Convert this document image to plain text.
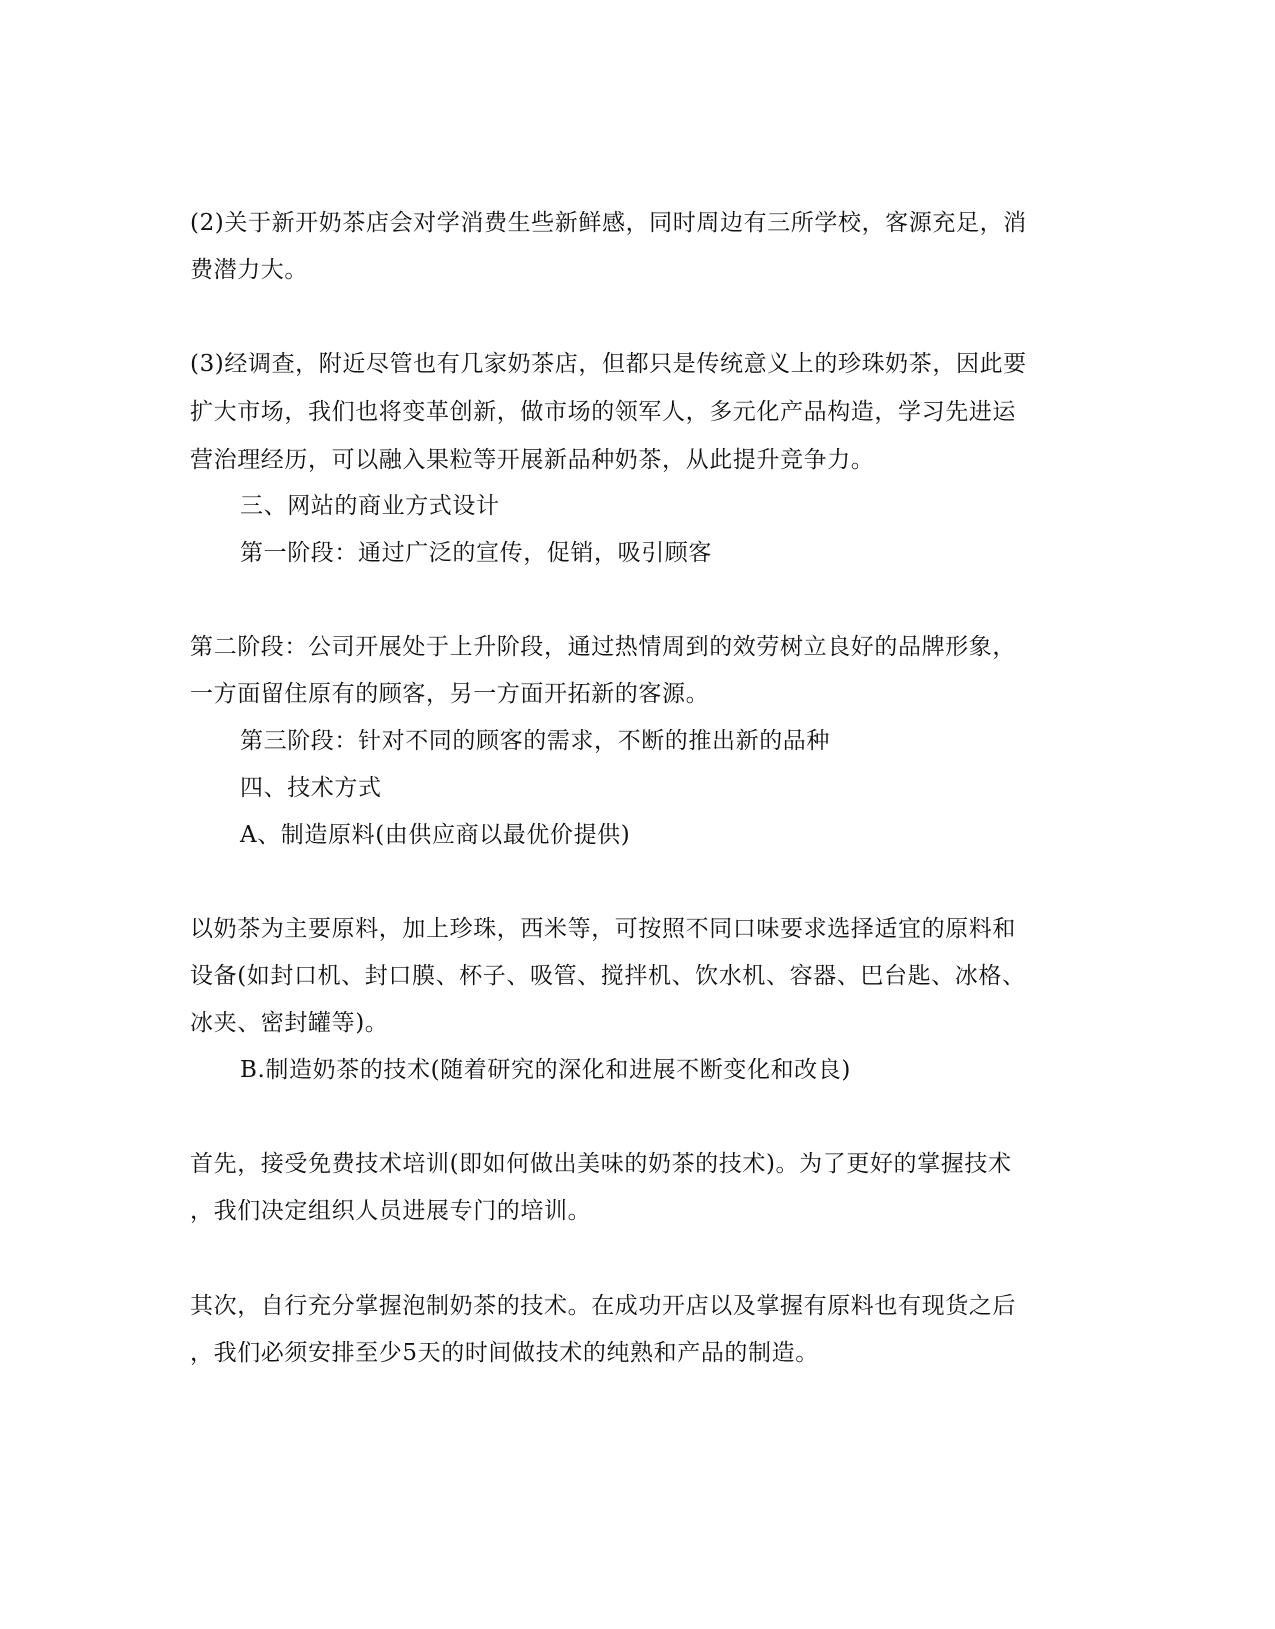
(2)关于新开奶茶店会对学消费生些新鲜感，同时周边有三所学校，客源充足，消
费潜力大。
(3)经调查，附近尽管也有几家奶茶店，但都只是传统意义上的珍珠奶茶，因此要
扩大市场，我们也将变革创新，做市场的领军人，多元化产品构造，学习先进运
营治理经历，可以融入果粒等开展新品种奶茶，从此提升竞争力。
三、网站的商业方式设计
第一阶段：通过广泛的宣传，促销，吸引顾客
第二阶段：公司开展处于上升阶段，通过热情周到的效劳树立良好的品牌形象，
一方面留住原有的顾客，另一方面开拓新的客源。
第三阶段：针对不同的顾客的需求，不断的推出新的品种
四、技术方式
A、制造原料(由供应商以最优价提供)
以奶茶为主要原料，加上珍珠，西米等，可按照不同口味要求选择适宜的原料和
设备(如封口机、封口膜、杯子、吸管、搅拌机、饮水机、容器、巴台匙、冰格、
冰夹、密封罐等)。
B.制造奶茶的技术(随着研究的深化和进展不断变化和改良)
首先，接受免费技术培训(即如何做出美味的奶茶的技术)。为了更好的掌握技术
，我们决定组织人员进展专门的培训。
其次，自行充分掌握泡制奶茶的技术。在成功开店以及掌握有原料也有现货之后
，我们必须安排至少5天的时间做技术的纯熟和产品的制造。
